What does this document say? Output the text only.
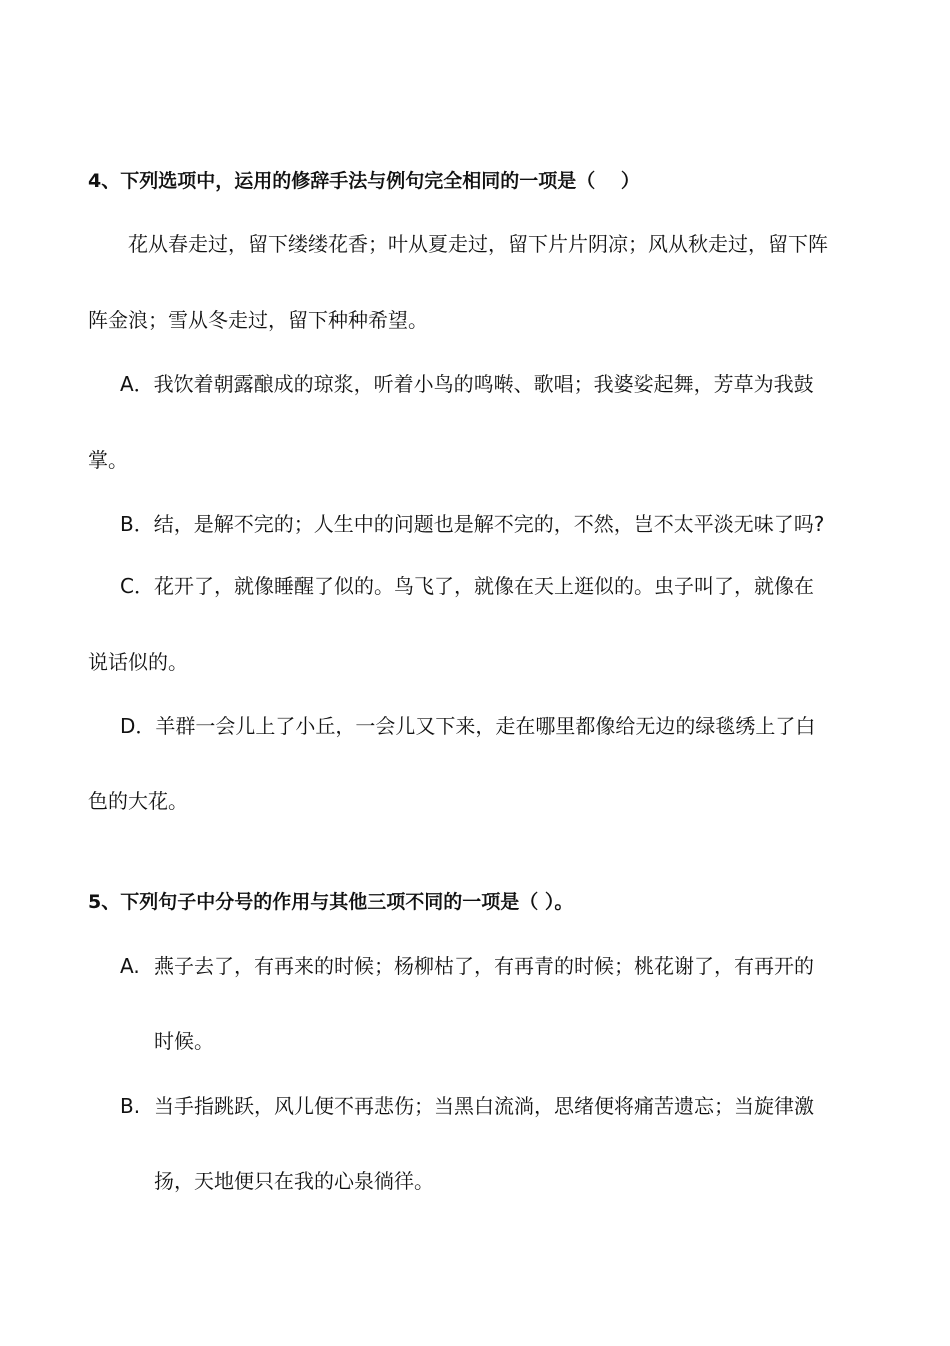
4、下列选项中，运用的修辞手法与例句完全相同的一项是（　 ）
花从春走过，留下缕缕花香；叶从夏走过，留下片片阴凉；风从秋走过，留下阵
阵金浪；雪从冬走过，留下种种希望。
A．我饮着朝露酿成的琼浆，听着小鸟的鸣啭、歌唱；我婆娑起舞，芳草为我鼓
掌。
B．结，是解不完的；人生中的问题也是解不完的，不然，岂不太平淡无味了吗?
C．花开了，就像睡醒了似的。鸟飞了，就像在天上逛似的。虫子叫了，就像在
说话似的。
D．羊群一会儿上了小丘，一会儿又下来，走在哪里都像给无边的绿毯绣上了白
色的大花。
5、下列句子中分号的作用与其他三项不同的一项是（ ）。
A. 燕子去了，有再来的时候；杨柳枯了，有再青的时候；桃花谢了，有再开的
时候。
B. 当手指跳跃，风儿便不再悲伤；当黑白流淌，思绪便将痛苦遗忘；当旋律激
扬，天地便只在我的心泉徜徉。
